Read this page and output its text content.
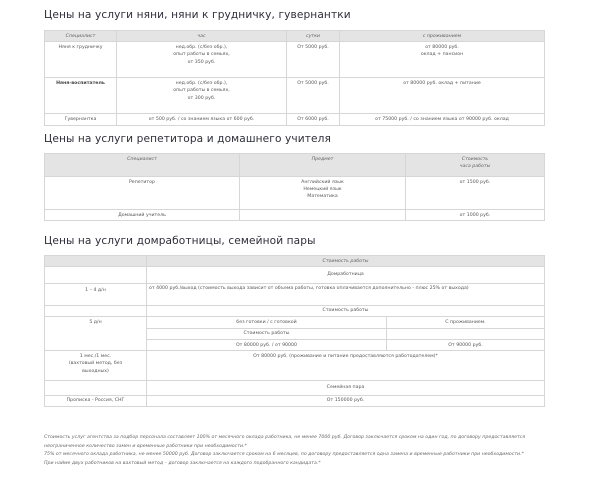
Цены на услуги няни, няни к грудничку, гувернантки
Специалист	час	сутки	с проживанием
Няня к грудничку	нед.обр. (с/без обр.),
опыт работы в семьях,
от 350 руб.	От 5000 руб.	от 80000 руб.
оклад + пансион
Няня-воспитатель	нед.обр. (с/без обр.),
опыт работы в семьях,
от 300 руб.	От 5000 руб.	от 80000 руб. оклад + питание
Гувернантка	от 500 руб. / со знанием языка от 600 руб.	От 6000 руб.	от 75000 руб. / со знанием языка от 90000 руб. оклад
Цены на услуги репетитора и домашнего учителя
Специалист	Предмет	Стоимость
часа работы
Репетитор	Английский язык
Немецкий язык
Математика	от 1500 руб.
Домашний учитель		от 1000 руб.
Цены на услуги домработницы, семейной пары
	Стоимость работы	
	Домработница	
1 – 4 д/н	от 4000 руб./выход (стоимость выхода зависит от объема работы, готовка оплачивается дополнительно - плюс 25% от выхода)	
	Стоимость работы	
5 д/н	без готовки / с готовкой	С проживанием.
	Стоимость работы	
	От 80000 руб. / от 90000	От 90000 руб.
1 мес./1 мес.
(вахтовый метод, без
выходных)	От 80000 руб. (проживание и питание предоставляются работодателем)*	
	Семейная пара	
Прописка - Россия, СНГ	От 150000 руб.	

Стоимость услуг агентства за подбор персонала составляет 100% от месячного оклада работника, не менее 7000 руб. Договор заключается сроком на один год, по договору предоставляется неограниченное количество замен и временные работники при необходимости.*

75% от месячного оклада работника, не менее 50000 руб. Договор заключается сроком на 6 месяцев, по договору предоставляется одна замена и временные работники при необходимости.*

При найме двух работников на вахтовый метод – договор заключается на каждого подобранного кандидата.*
